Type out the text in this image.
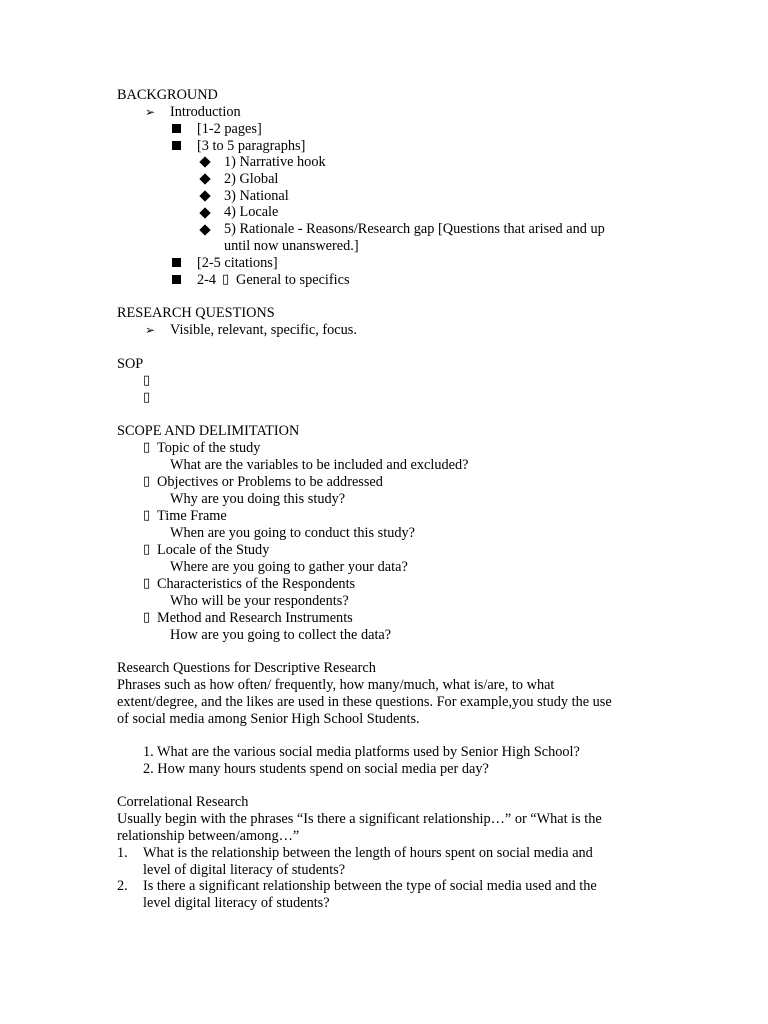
BACKGROUND
➢ Introduction
[1-2 pages]
[3 to 5 paragraphs]
1) Narrative hook
2) Global
3) National
4) Locale
5) Rationale - Reasons/Research gap [Questions that arised and up
until now unanswered.]
[2-5 citations]
2-4 ▯ General to specifics
RESEARCH QUESTIONS
➢ Visible, relevant, specific, focus.
SOP
▯
▯
SCOPE AND DELIMITATION
▯ Topic of the study
What are the variables to be included and excluded?
▯ Objectives or Problems to be addressed
Why are you doing this study?
▯ Time Frame
When are you going to conduct this study?
▯ Locale of the Study
Where are you going to gather your data?
▯ Characteristics of the Respondents
Who will be your respondents?
▯ Method and Research Instruments
How are you going to collect the data?
Research Questions for Descriptive Research
Phrases such as how often/ frequently, how many/much, what is/are, to what
extent/degree, and the likes are used in these questions. For example,you study the use
of social media among Senior High School Students.
1. What are the various social media platforms used by Senior High School?
2. How many hours students spend on social media per day?
Correlational Research
Usually begin with the phrases “Is there a significant relationship…” or “What is the
relationship between/among…”
1. What is the relationship between the length of hours spent on social media and
level of digital literacy of students?
2. Is there a significant relationship between the type of social media used and the
level digital literacy of students?
